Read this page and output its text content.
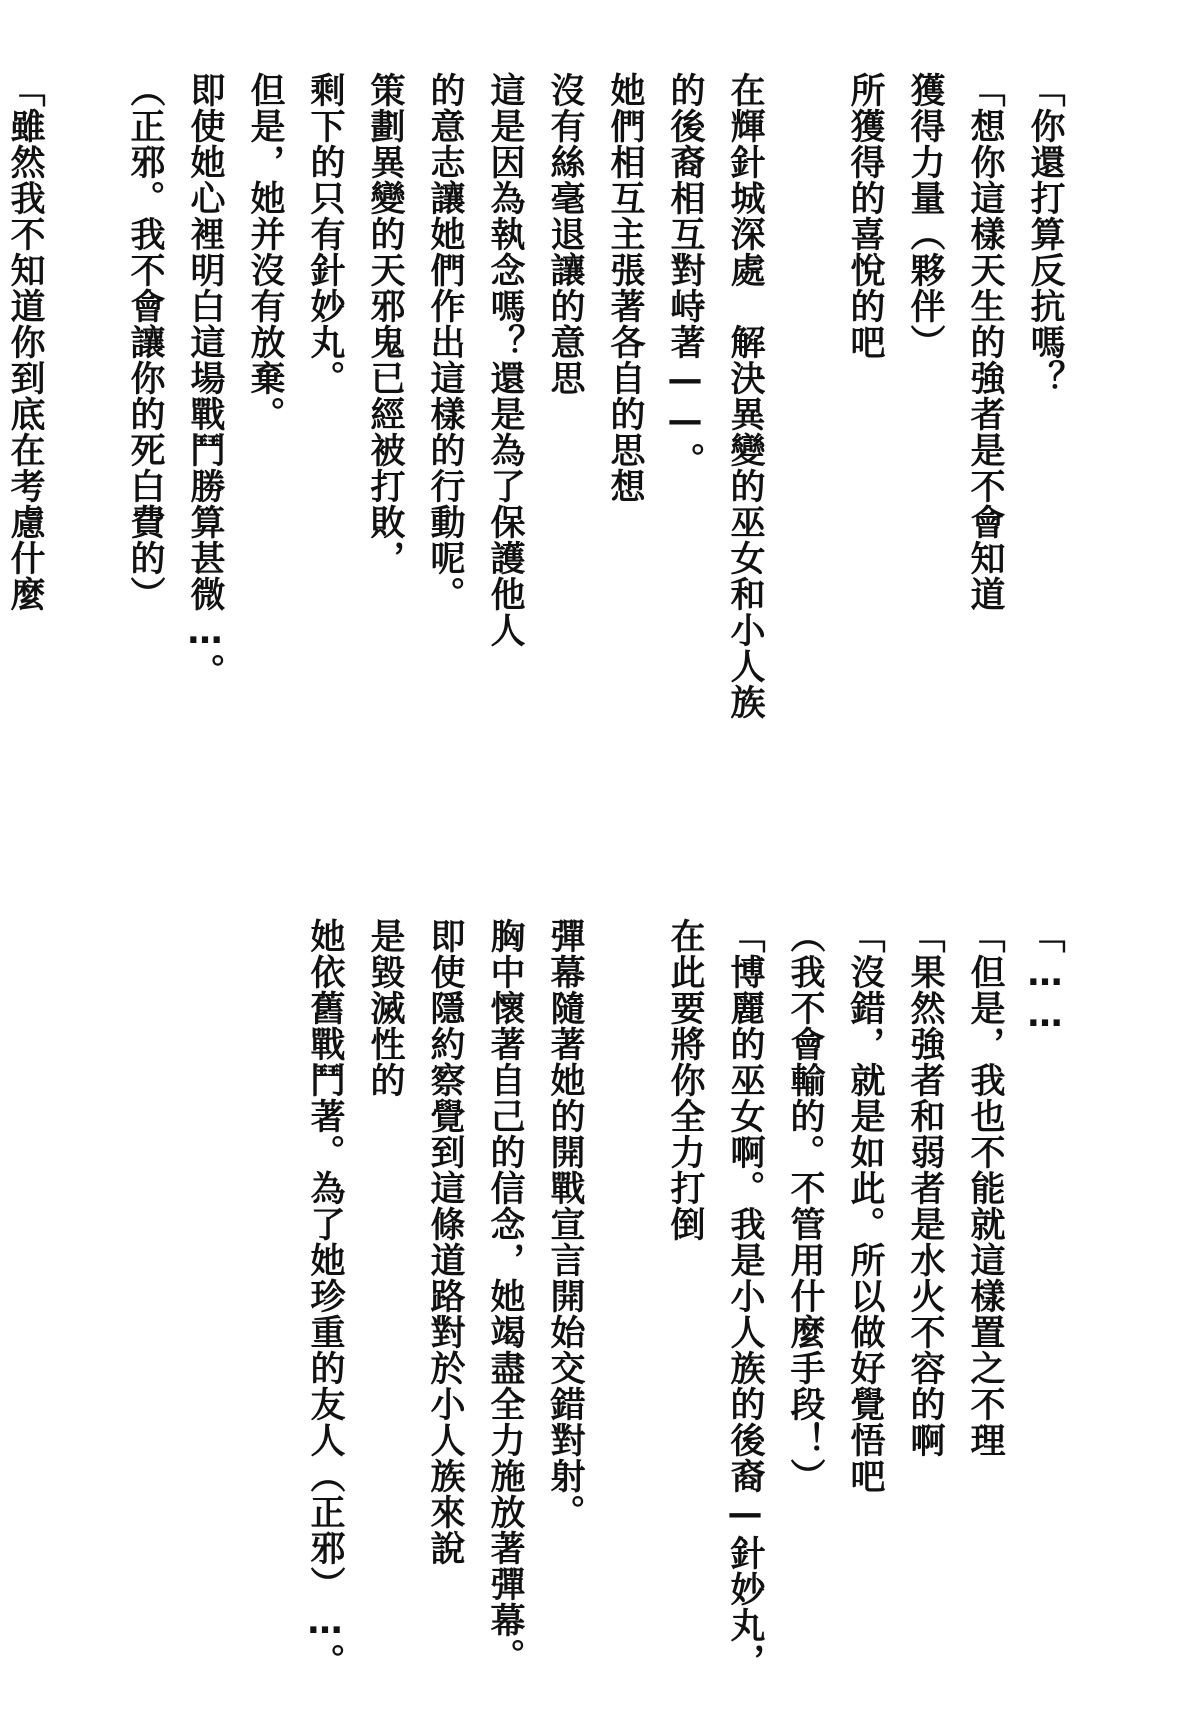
「你還打算反抗嗎？
「想你這樣天生的強者是不會知道
獲得力量（夥伴）
所獲得的喜悅的吧
在輝針城深處　解決異變的巫女和小人族
的後裔相互對峙著——。
她們相互主張著各自的思想
沒有絲毫退讓的意思
這是因為執念嗎？還是為了保護他人
的意志讓她們作出這樣的行動呢。
策劃異變的天邪鬼已經被打敗，
剩下的只有針妙丸。
但是，她并沒有放棄。
即使她心裡明白這場戰鬥勝算甚微…。
（正邪。我不會讓你的死白費的）
「雖然我不知道你到底在考慮什麼
「……
「但是，我也不能就這樣置之不理
「果然強者和弱者是水火不容的啊
「沒錯，就是如此。所以做好覺悟吧
（我不會輸的。不管用什麼手段！）
「博麗的巫女啊。我是小人族的後裔—針妙丸，
在此要將你全力打倒
彈幕隨著她的開戰宣言開始交錯對射。
胸中懷著自己的信念，她竭盡全力施放著彈幕。
即使隱約察覺到這條道路對於小人族來說
是毀滅性的
她依舊戰鬥著。為了她珍重的友人（正邪）…。
